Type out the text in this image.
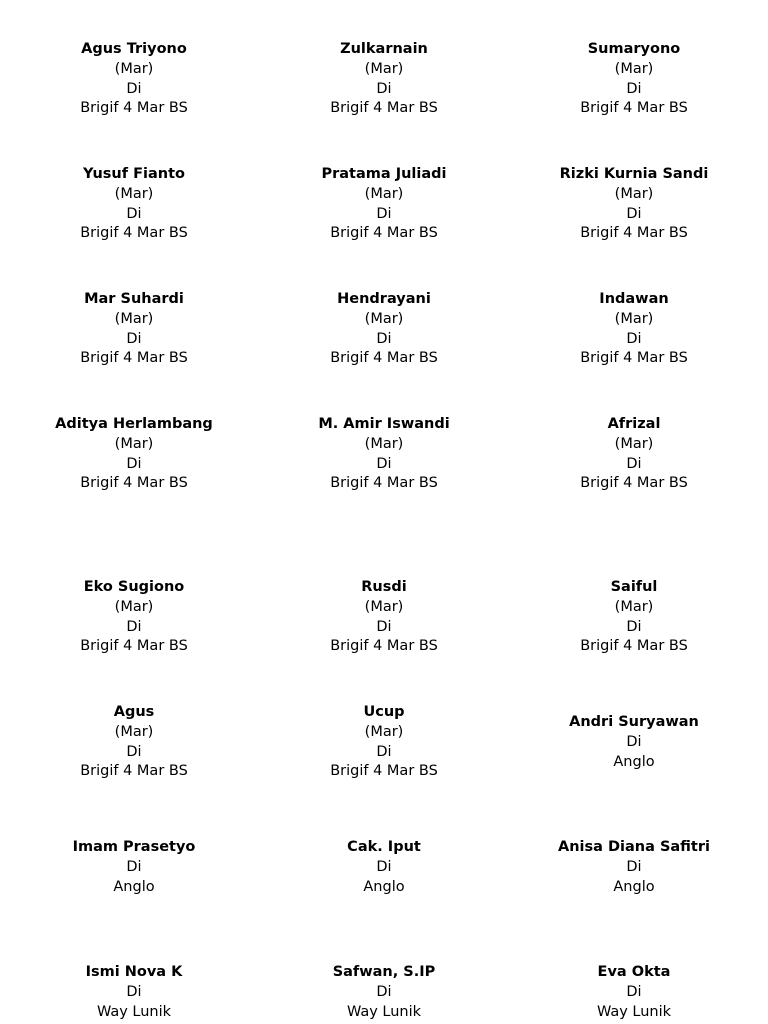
Agus Triyono
(Mar)
Di
Brigif 4 Mar BS
Zulkarnain
(Mar)
Di
Brigif 4 Mar BS
Sumaryono
(Mar)
Di
Brigif 4 Mar BS
Yusuf Fianto
(Mar)
Di
Brigif 4 Mar BS
Pratama Juliadi
(Mar)
Di
Brigif 4 Mar BS
Rizki Kurnia Sandi
(Mar)
Di
Brigif 4 Mar BS
Mar Suhardi
(Mar)
Di
Brigif 4 Mar BS
Hendrayani
(Mar)
Di
Brigif 4 Mar BS
Indawan
(Mar)
Di
Brigif 4 Mar BS
Aditya Herlambang
(Mar)
Di
Brigif 4 Mar BS
M. Amir Iswandi
(Mar)
Di
Brigif 4 Mar BS
Afrizal
(Mar)
Di
Brigif 4 Mar BS
Eko Sugiono
(Mar)
Di
Brigif 4 Mar BS
Rusdi
(Mar)
Di
Brigif 4 Mar BS
Saiful
(Mar)
Di
Brigif 4 Mar BS
Agus
(Mar)
Di
Brigif 4 Mar BS
Ucup
(Mar)
Di
Brigif 4 Mar BS
Andri Suryawan
Di
Anglo
Imam Prasetyo
Di
Anglo
Cak. Iput
Di
Anglo
Anisa Diana Safitri
Di
Anglo
Ismi Nova K
Di
Way Lunik
Safwan, S.IP
Di
Way Lunik
Eva Okta
Di
Way Lunik
